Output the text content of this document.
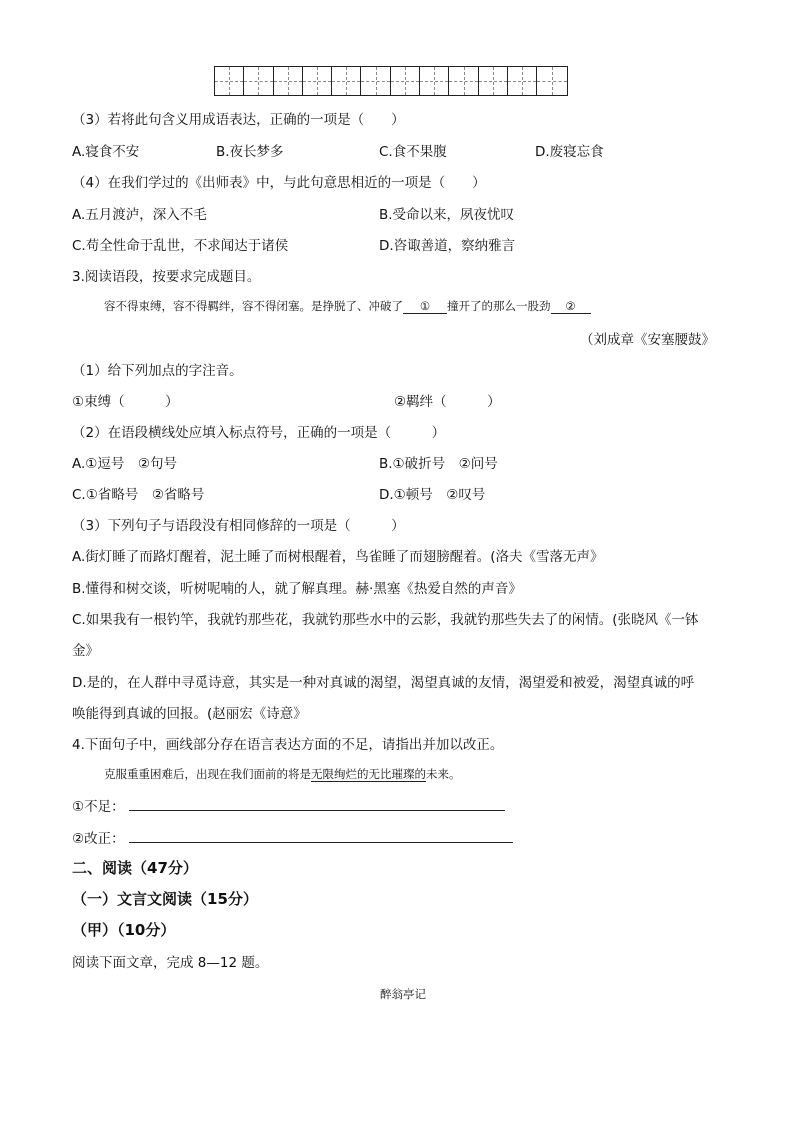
（3）若将此句含义用成语表达，正确的一项是（　　）
A.寝食不安	B.夜长梦多	C.食不果腹	D.废寝忘食
（4）在我们学过的《出师表》中，与此句意思相近的一项是（　　）
A.五月渡泸，深入不毛	B.受命以来，夙夜忧叹
C.苟全性命于乱世，不求闻达于诸侯	D.咨诹善道，察纳雅言
3.阅读语段，按要求完成题目。
容不得束缚，容不得羁绊，容不得闭塞。是挣脱了、冲破了 ① 撞开了的那么一股劲 ②
（刘成章《安塞腰鼓》
（1）给下列加点的字注音。
①束缚（　　　）	②羁绊（　　　）
（2）在语段横线处应填入标点符号，正确的一项是（　　　）
A.①逗号　②句号	B.①破折号　②问号
C.①省略号　②省略号	D.①顿号　②叹号
（3）下列句子与语段没有相同修辞的一项是（　　　）
A.街灯睡了而路灯醒着，泥土睡了而树根醒着，鸟雀睡了而翅膀醒着。(洛夫《雪落无声》
B.懂得和树交谈，听树呢喃的人，就了解真理。赫·黑塞《热爱自然的声音》
C.如果我有一根钓竿，我就钓那些花，我就钓那些水中的云影，我就钓那些失去了的闲情。(张晓风《一钵
金》
D.是的，在人群中寻觅诗意，其实是一种对真诚的渴望，渴望真诚的友情，渴望爱和被爱，渴望真诚的呼
唤能得到真诚的回报。(赵丽宏《诗意》
4.下面句子中，画线部分存在语言表达方面的不足，请指出并加以改正。
克服重重困难后，出现在我们面前的将是无限绚烂的无比璀璨的未来。
①不足：
②改正：
二、阅读（47分）
（一）文言文阅读（15分）
（甲）（10分）
阅读下面文章，完成 8—12 题。
醉翁亭记
